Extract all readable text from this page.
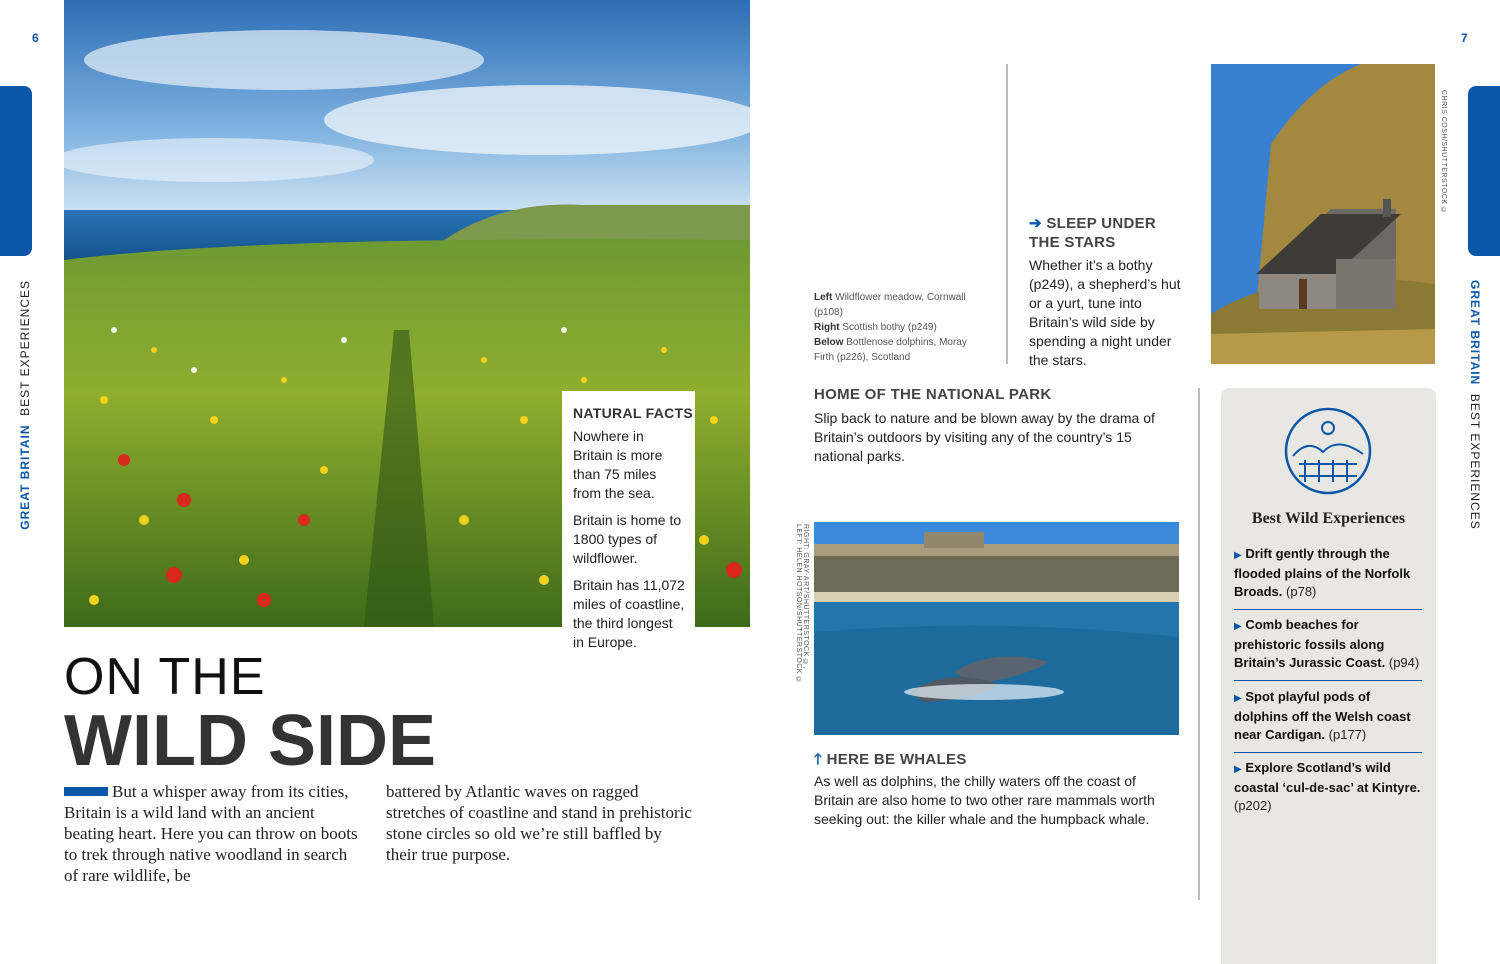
6	7
GREAT BRITAIN  BEST EXPERIENCES	GREAT BRITAIN  BEST EXPERIENCES
NATURAL FACTS

Nowhere in Britain is more than 75 miles from the sea.

Britain is home to 1800 types of wildflower.

Britain has 11,072 miles of coastline, the third longest in Europe.

ON THE
WILD SIDE
But a whisper away from its cities, Britain is a wild land with an ancient beating heart. Here you can throw on boots to trek through native woodland in search of rare wildlife, be
battered by Atlantic waves on ragged stretches of coastline and stand in prehistoric stone circles so old we’re still baffled by their true purpose.
Left Wildflower meadow, Cornwall (p108)
Right Scottish bothy (p249)
Below Bottlenose dolphins, Moray Firth (p226), Scotland
➔ SLEEP UNDER
THE STARS
Whether it’s a bothy (p249), a shepherd’s hut or a yurt, tune into Britain’s wild side by spending a night under the stars.
CHRIS COSH/SHUTTERSTOCK ©
HOME OF THE NATIONAL PARK
Slip back to nature and be blown away by the drama of Britain’s outdoors by visiting any of the country’s 15 national parks.
RIGHT: GRAY-ART/SHUTTERSTOCK ©, LEFT: HELEN HOTSON/SHUTTERSTOCK ©
🡑 HERE BE WHALES
As well as dolphins, the chilly waters off the coast of Britain are also home to two other rare mammals worth seeking out: the killer whale and the humpback whale.
Best Wild Experiences
▶ Drift gently through the flooded plains of the Norfolk Broads. (p78)
▶ Comb beaches for prehistoric fossils along Britain’s Jurassic Coast. (p94)
▶ Spot playful pods of dolphins off the Welsh coast near Cardigan. (p177)
▶ Explore Scotland’s wild coastal ‘cul-de-sac’ at Kintyre. (p202)
